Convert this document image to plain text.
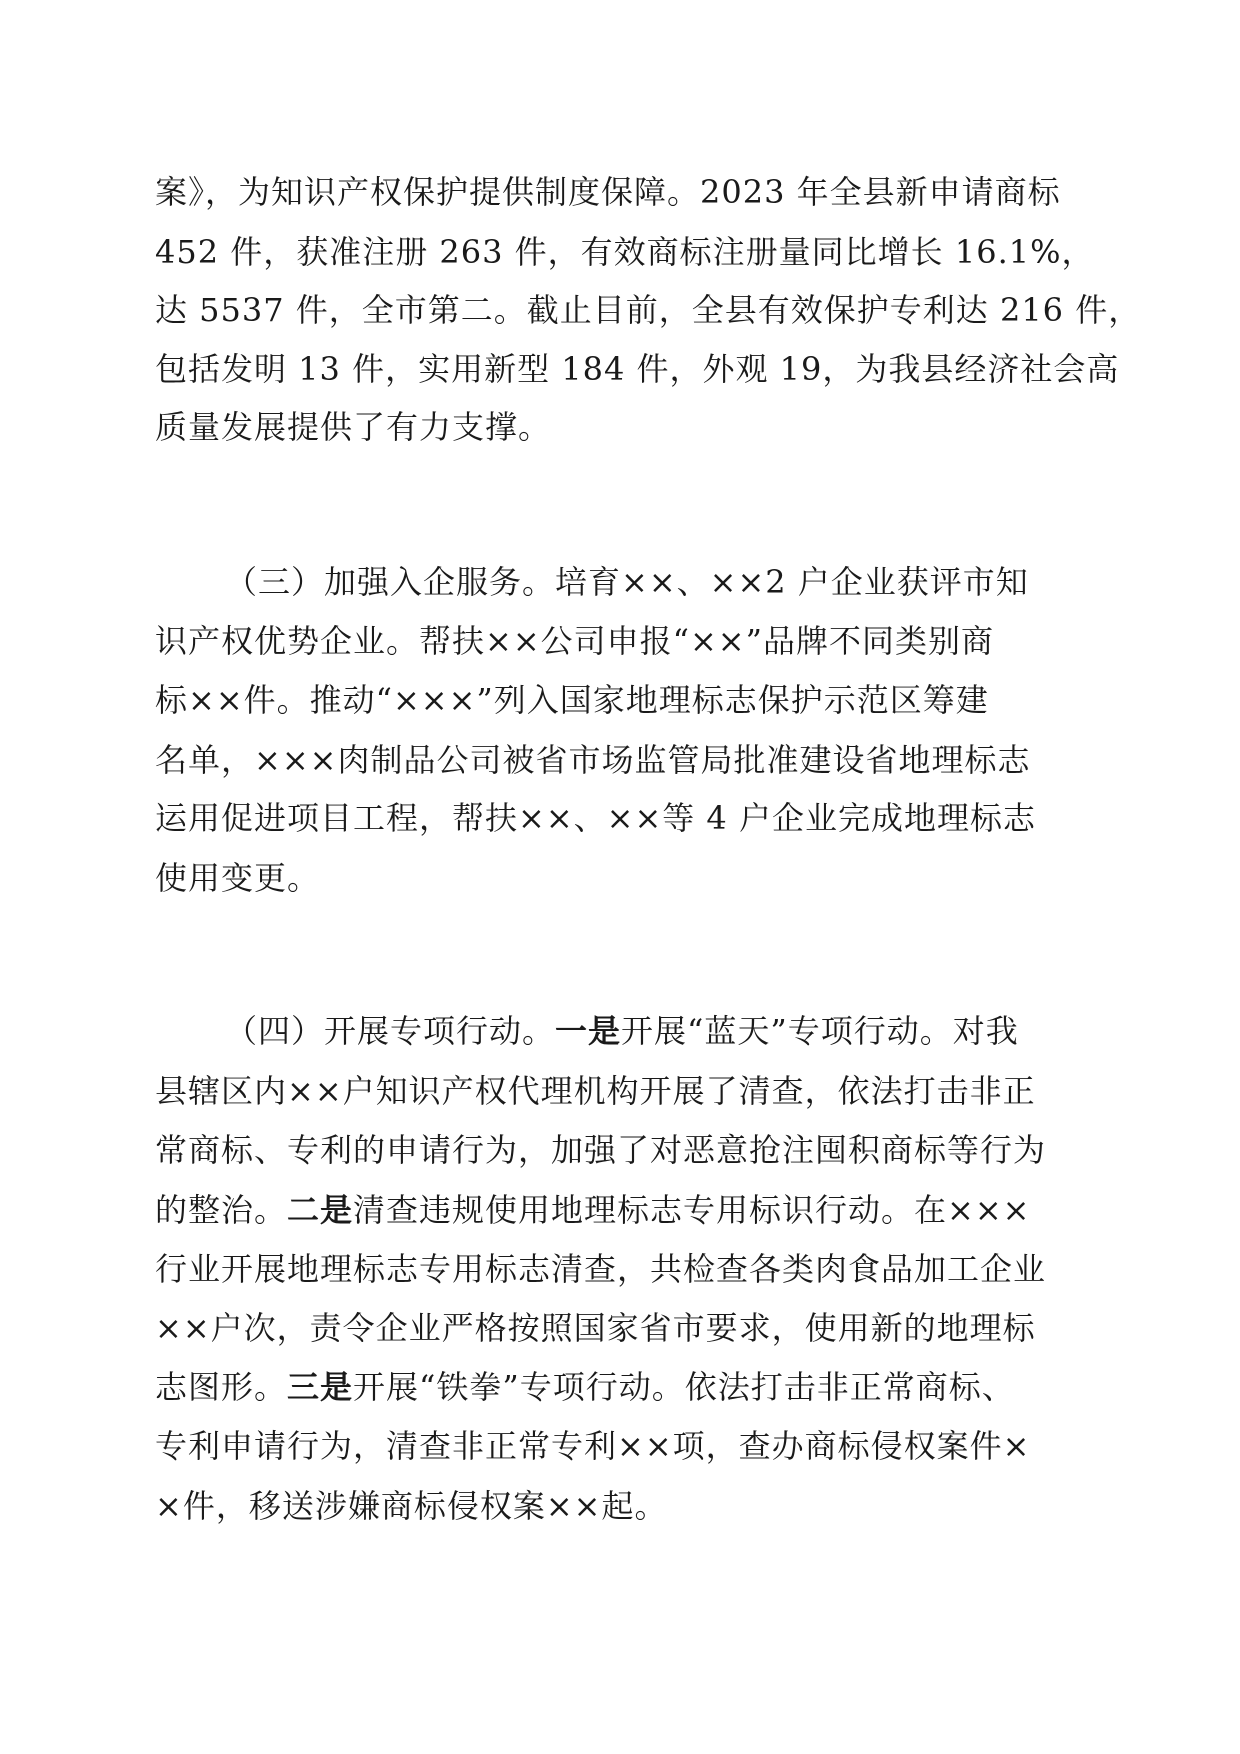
案》，为知识产权保护提供制度保障。2023 年全县新申请商标
452 件，获准注册 263 件，有效商标注册量同比增长 16.1%，
达 5537 件，全市第二。截止目前，全县有效保护专利达 216 件，
包括发明 13 件，实用新型 184 件，外观 19，为我县经济社会高
质量发展提供了有力支撑。
（三）加强入企服务。培育××、××2 户企业获评市知
识产权优势企业。帮扶××公司申报“××”品牌不同类别商
标××件。推动“×××”列入国家地理标志保护示范区筹建
名单，×××肉制品公司被省市场监管局批准建设省地理标志
运用促进项目工程，帮扶××、××等 4 户企业完成地理标志
使用变更。
（四）开展专项行动。一是开展“蓝天”专项行动。对我
县辖区内××户知识产权代理机构开展了清查，依法打击非正
常商标、专利的申请行为，加强了对恶意抢注囤积商标等行为
的整治。二是清查违规使用地理标志专用标识行动。在×××
行业开展地理标志专用标志清查，共检查各类肉食品加工企业
××户次，责令企业严格按照国家省市要求，使用新的地理标
志图形。三是开展“铁拳”专项行动。依法打击非正常商标、
专利申请行为，清查非正常专利××项，查办商标侵权案件×
×件，移送涉嫌商标侵权案××起。
